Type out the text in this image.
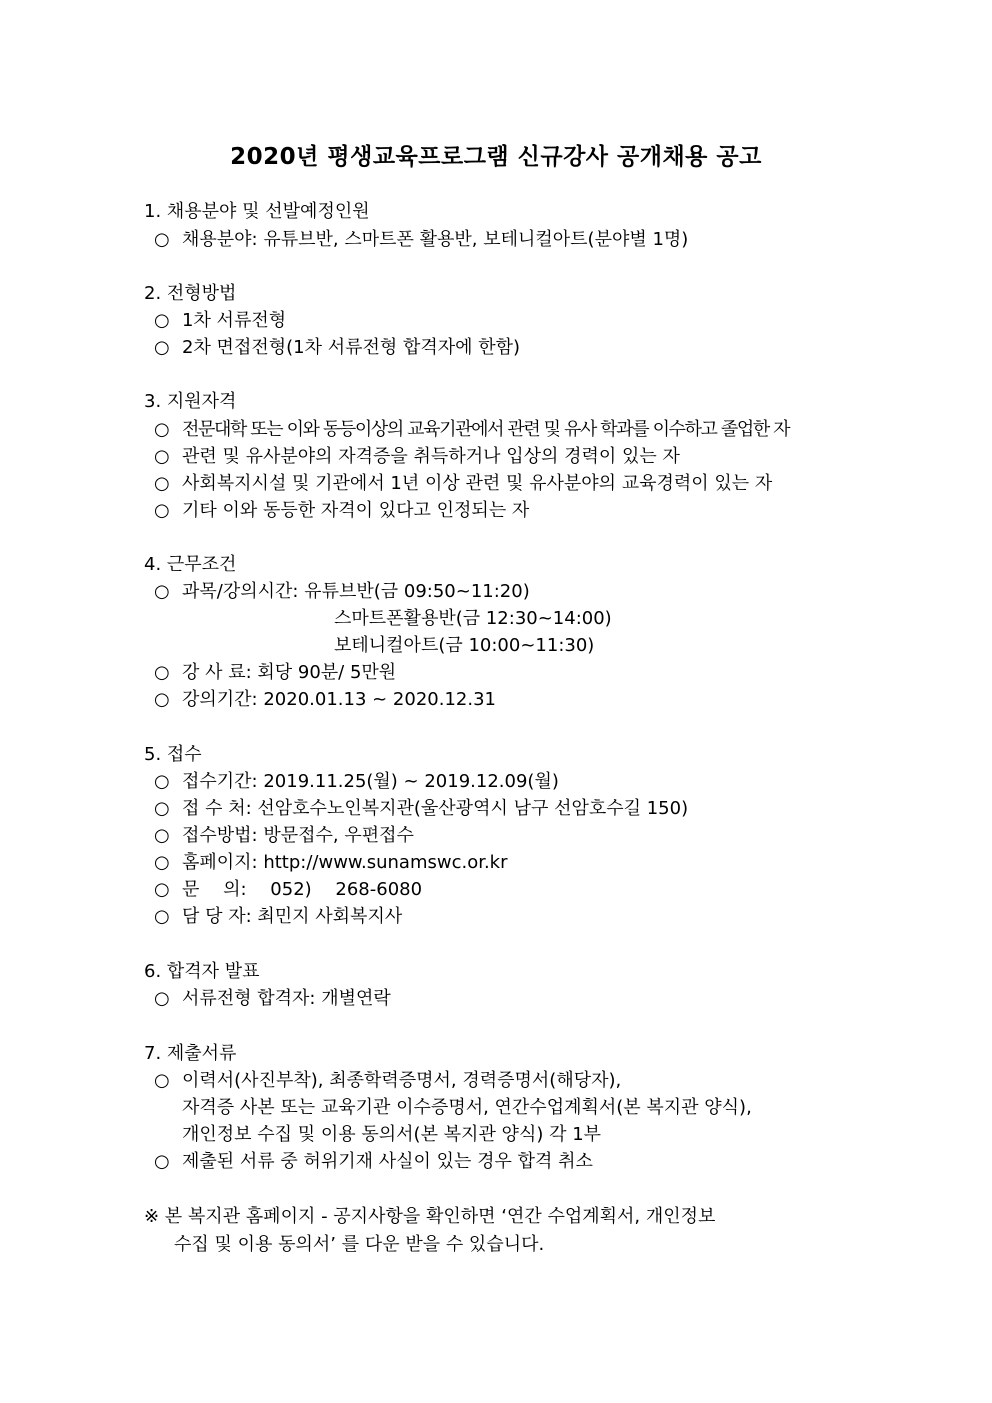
2020년 평생교육프로그램 신규강사 공개채용 공고
1. 채용분야 및 선발예정인원
○ 채용분야: 유튜브반, 스마트폰 활용반, 보테니컬아트(분야별 1명)
2. 전형방법
○ 1차 서류전형
○ 2차 면접전형(1차 서류전형 합격자에 한함)
3. 지원자격
○ 전문대학 또는 이와 동등이상의 교육기관에서 관련 및 유사 학과를 이수하고 졸업한 자
○ 관련 및 유사분야의 자격증을 취득하거나 입상의 경력이 있는 자
○ 사회복지시설 및 기관에서 1년 이상 관련 및 유사분야의 교육경력이 있는 자
○ 기타 이와 동등한 자격이 있다고 인정되는 자
4. 근무조건
○ 과목/강의시간: 유튜브반(금 09:50~11:20)
스마트폰활용반(금 12:30~14:00)
보테니컬아트(금 10:00~11:30)
○ 강 사 료: 회당 90분/ 5만원
○ 강의기간: 2020.01.13 ~ 2020.12.31
5. 접수
○ 접수기간: 2019.11.25(월) ~ 2019.12.09(월)
○ 접 수 처: 선암호수노인복지관(울산광역시 남구 선암호수길 150)
○ 접수방법: 방문접수, 우편접수
○ 홈페이지: http://www.sunamswc.or.kr
○ 문 의: 052) 268-6080
○ 담 당 자: 최민지 사회복지사
6. 합격자 발표
○ 서류전형 합격자: 개별연락
7. 제출서류
○ 이력서(사진부착), 최종학력증명서, 경력증명서(해당자),
자격증 사본 또는 교육기관 이수증명서, 연간수업계획서(본 복지관 양식),
개인정보 수집 및 이용 동의서(본 복지관 양식) 각 1부
○ 제출된 서류 중 허위기재 사실이 있는 경우 합격 취소
※ 본 복지관 홈페이지 - 공지사항을 확인하면 ‘연간 수업계획서, 개인정보
수집 및 이용 동의서’ 를 다운 받을 수 있습니다.
